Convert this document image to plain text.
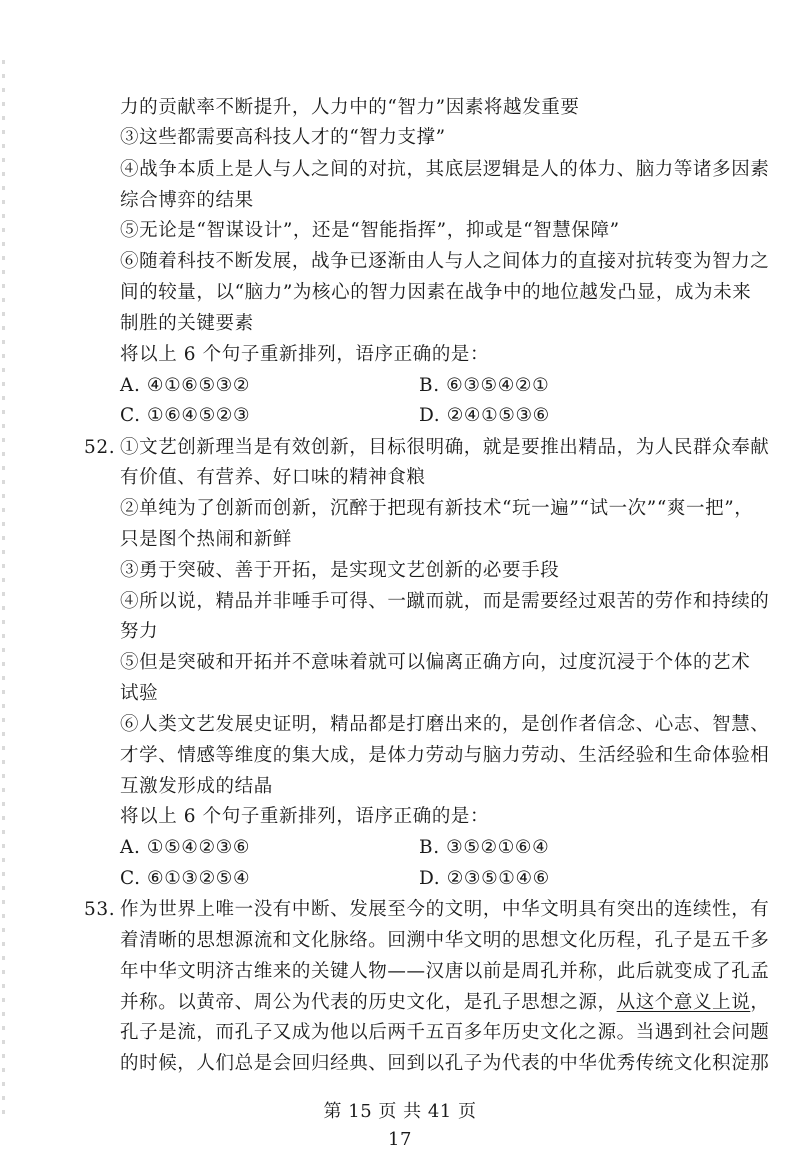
力的贡献率不断提升，人力中的“智力”因素将越发重要
③这些都需要高科技人才的“智力支撑”
④战争本质上是人与人之间的对抗，其底层逻辑是人的体力、脑力等诸多因素
综合博弈的结果
⑤无论是“智谋设计”，还是“智能指挥”，抑或是“智慧保障”
⑥随着科技不断发展，战争已逐渐由人与人之间体力的直接对抗转变为智力之
间的较量，以“脑力”为核心的智力因素在战争中的地位越发凸显，成为未来
制胜的关键要素
将以上 6 个句子重新排列，语序正确的是：
A. ④①⑥⑤③②	B. ⑥③⑤④②①
C. ①⑥④⑤②③	D. ②④①⑤③⑥
52. ①文艺创新理当是有效创新，目标很明确，就是要推出精品，为人民群众奉献
有价值、有营养、好口味的精神食粮
②单纯为了创新而创新，沉醉于把现有新技术“玩一遍”“试一次”“爽一把”，
只是图个热闹和新鲜
③勇于突破、善于开拓，是实现文艺创新的必要手段
④所以说，精品并非唾手可得、一蹴而就，而是需要经过艰苦的劳作和持续的
努力
⑤但是突破和开拓并不意味着就可以偏离正确方向，过度沉浸于个体的艺术
试验
⑥人类文艺发展史证明，精品都是打磨出来的，是创作者信念、心志、智慧、
才学、情感等维度的集大成，是体力劳动与脑力劳动、生活经验和生命体验相
互激发形成的结晶
将以上 6 个句子重新排列，语序正确的是：
A. ①⑤④②③⑥	B. ③⑤②①⑥④
C. ⑥①③②⑤④	D. ②③⑤①④⑥
53. 作为世界上唯一没有中断、发展至今的文明，中华文明具有突出的连续性，有
着清晰的思想源流和文化脉络。回溯中华文明的思想文化历程，孔子是五千多
年中华文明济古维来的关键人物——汉唐以前是周孔并称，此后就变成了孔孟
并称。以黄帝、周公为代表的历史文化，是孔子思想之源，从这个意义上说，
孔子是流，而孔子又成为他以后两千五百多年历史文化之源。当遇到社会问题
的时候，人们总是会回归经典、回到以孔子为代表的中华优秀传统文化积淀那
第 15 页 共 41 页
17
